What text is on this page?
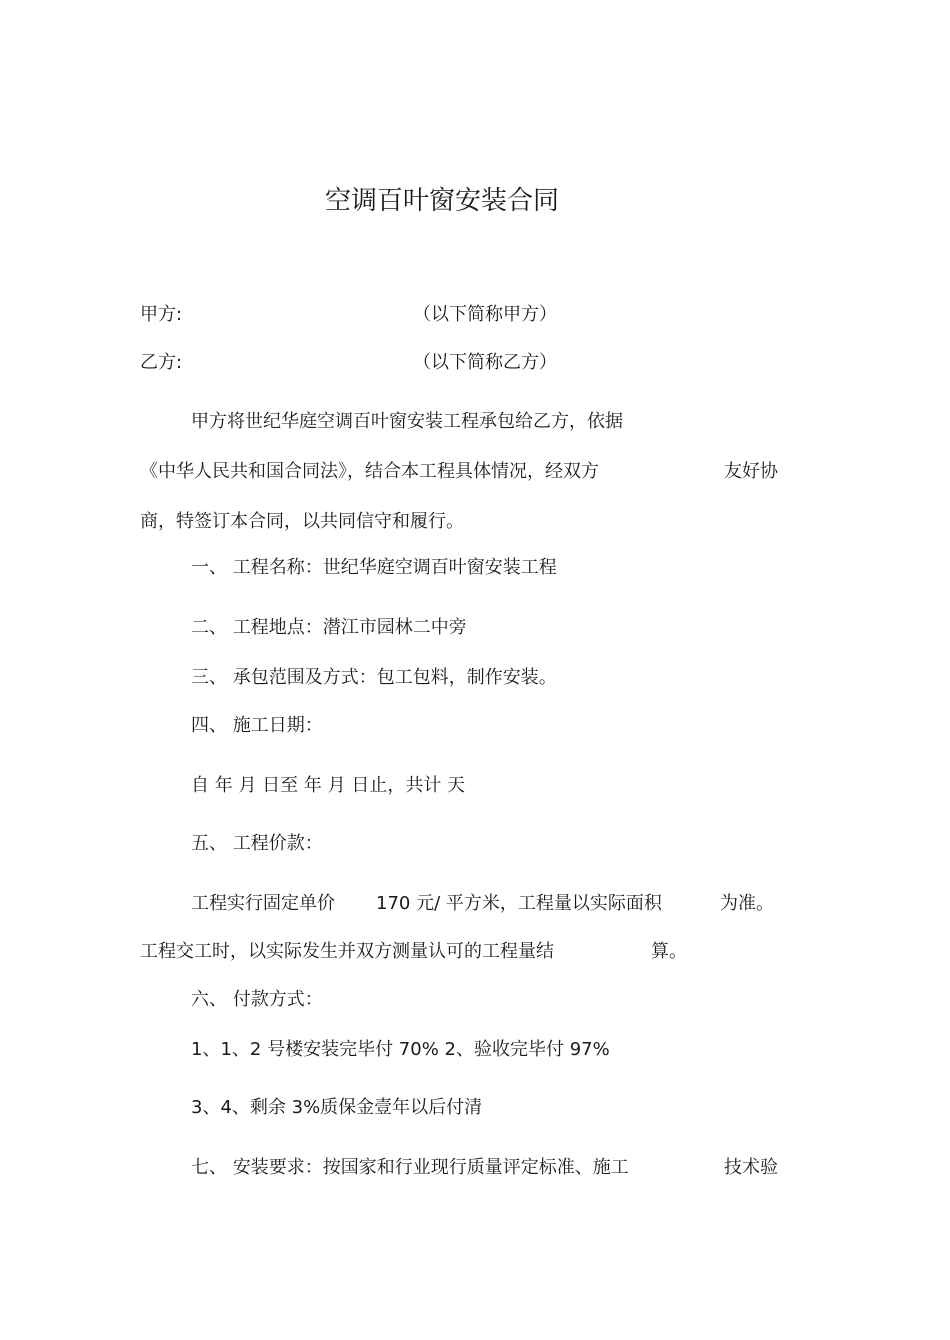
空调百叶窗安装合同
甲方:	（以下简称甲方）
乙方:	（以下简称乙方）
甲方将世纪华庭空调百叶窗安装工程承包给乙方，依据
《中华人民共和国合同法》，结合本工程具体情况，经双方	友好协
商，特签订本合同，以共同信守和履行。
一、 工程名称：世纪华庭空调百叶窗安装工程
二、 工程地点：潜江市园林二中旁
三、 承包范围及方式：包工包料，制作安装。
四、 施工日期：
自 年 月 日至 年 月 日止，共计 天
五、 工程价款：
工程实行固定单价 170 元/ 平方米，工程量以实际面积	为准。
工程交工时，以实际发生并双方测量认可的工程量结	算。
六、 付款方式：
1、1、2 号楼安装完毕付 70% 2、验收完毕付 97%
3、4、剩余 3%质保金壹年以后付清
七、 安装要求：按国家和行业现行质量评定标准、施工	技术验
